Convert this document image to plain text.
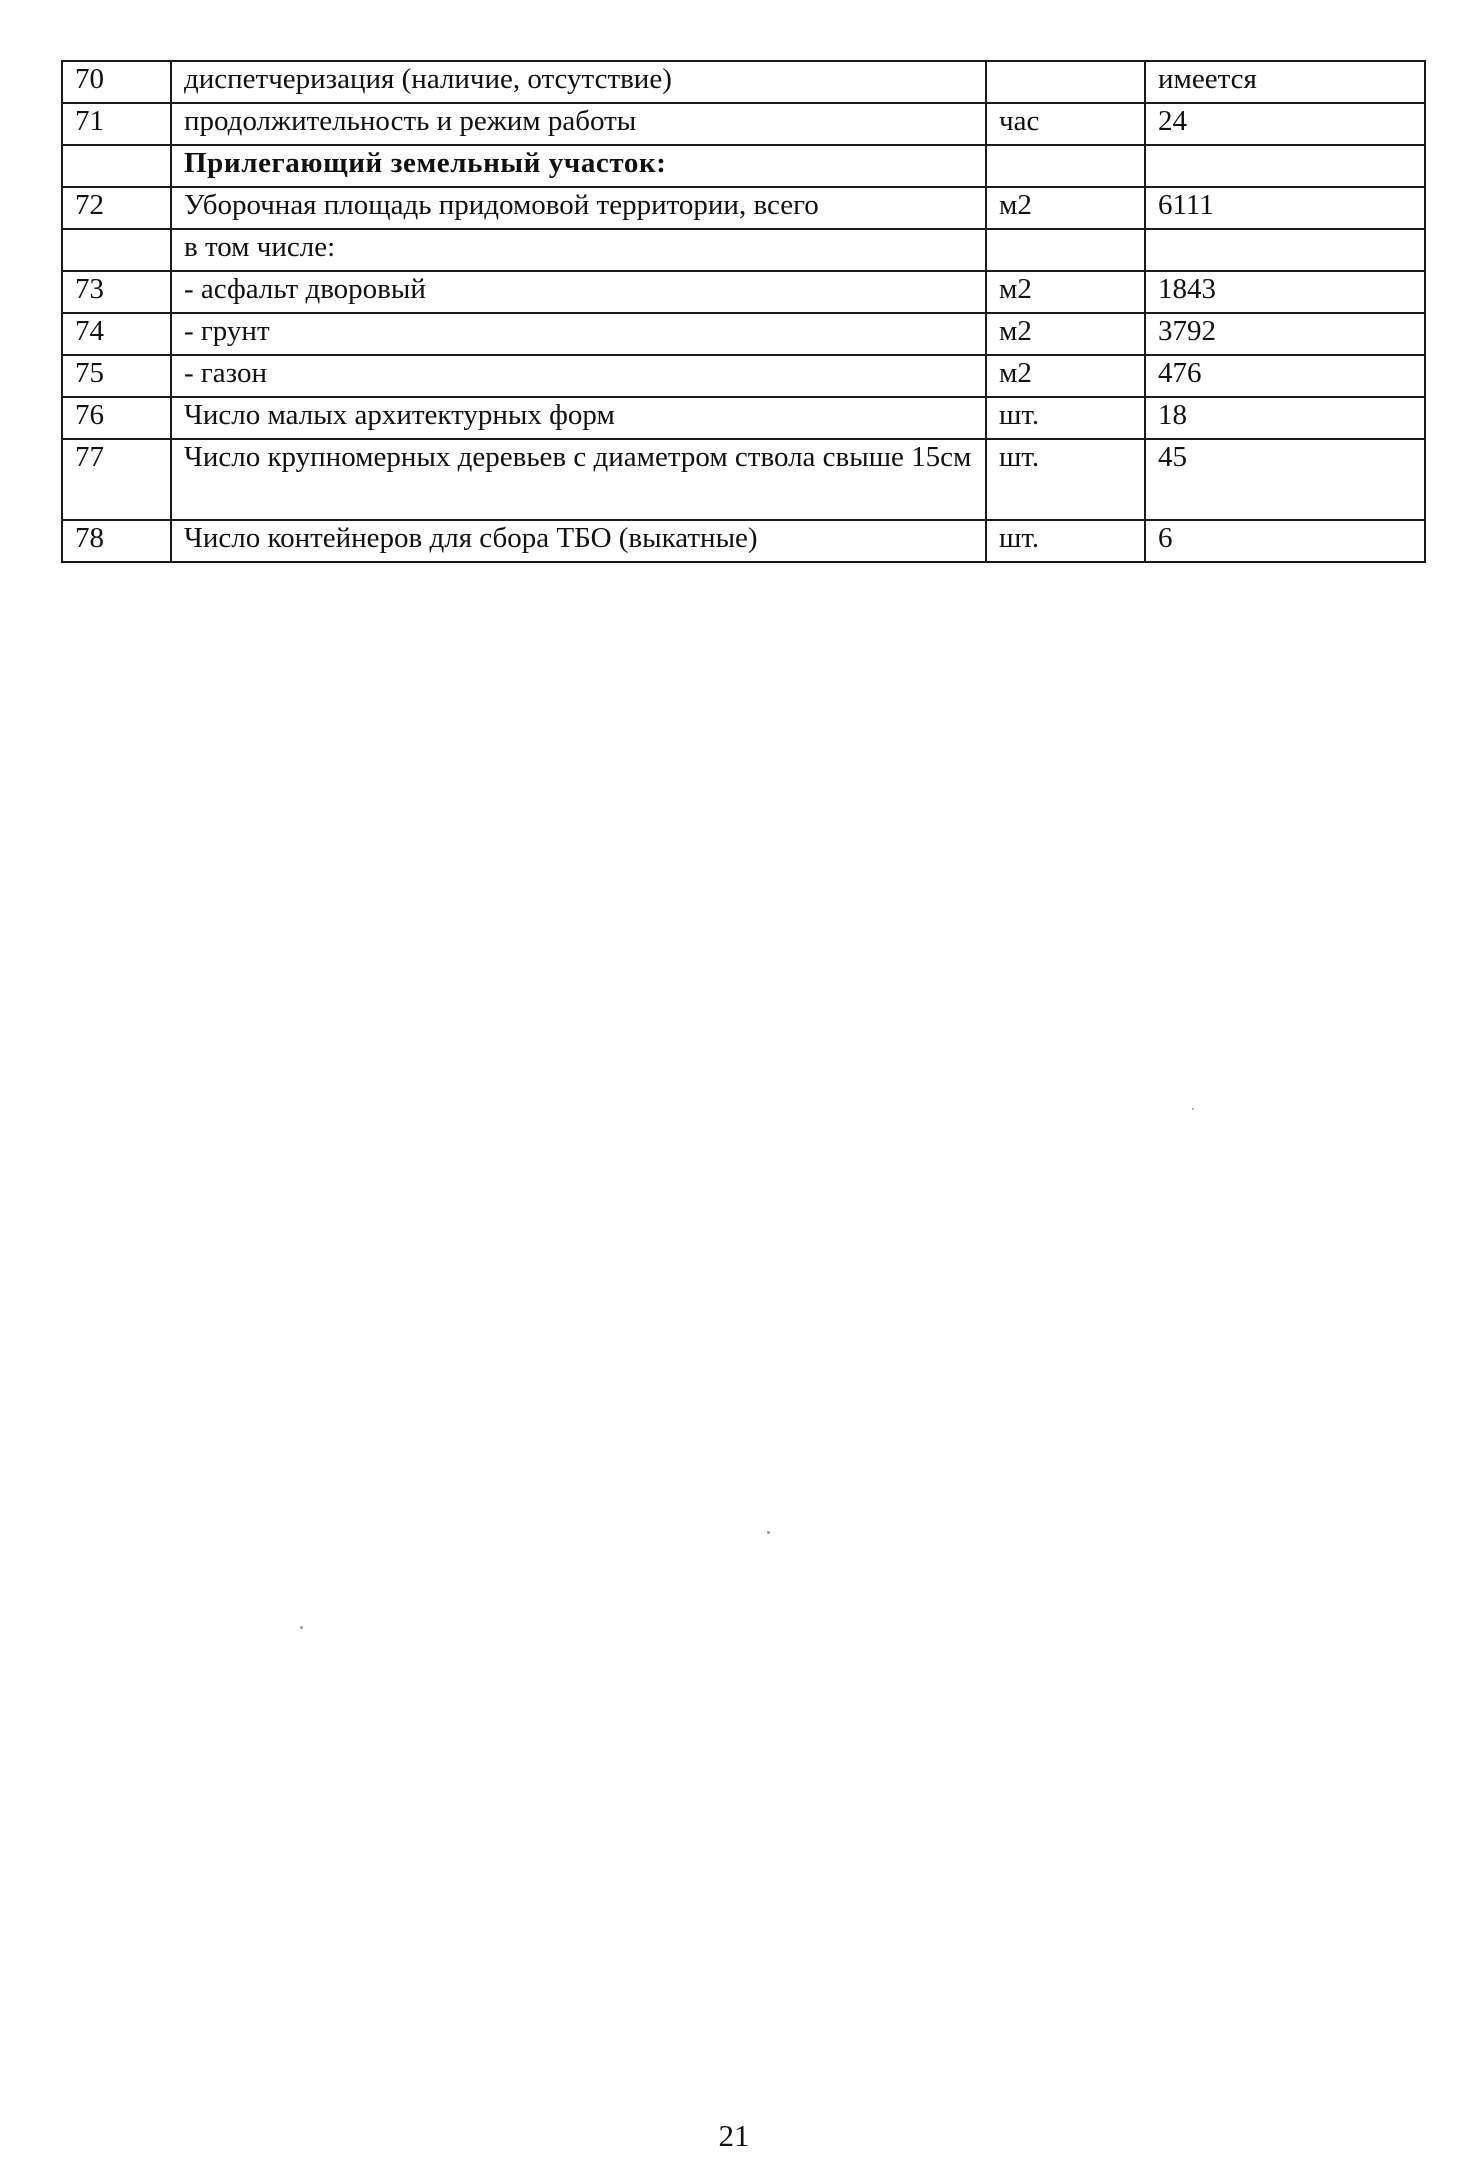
70	диспетчеризация (наличие, отсутствие)		имеется
71	продолжительность и режим работы	час	24
	Прилегающий земельный участок:		
72	Уборочная площадь придомовой территории, всего	м2	6111
	в том числе:		
73	- асфальт дворовый	м2	1843
74	- грунт	м2	3792
75	- газон	м2	476
76	Число малых архитектурных форм	шт.	18
77	Число крупномерных деревьев с диаметром ствола свыше 15см	шт.	45
78	Число контейнеров для сбора ТБО (выкатные)	шт.	6
21
